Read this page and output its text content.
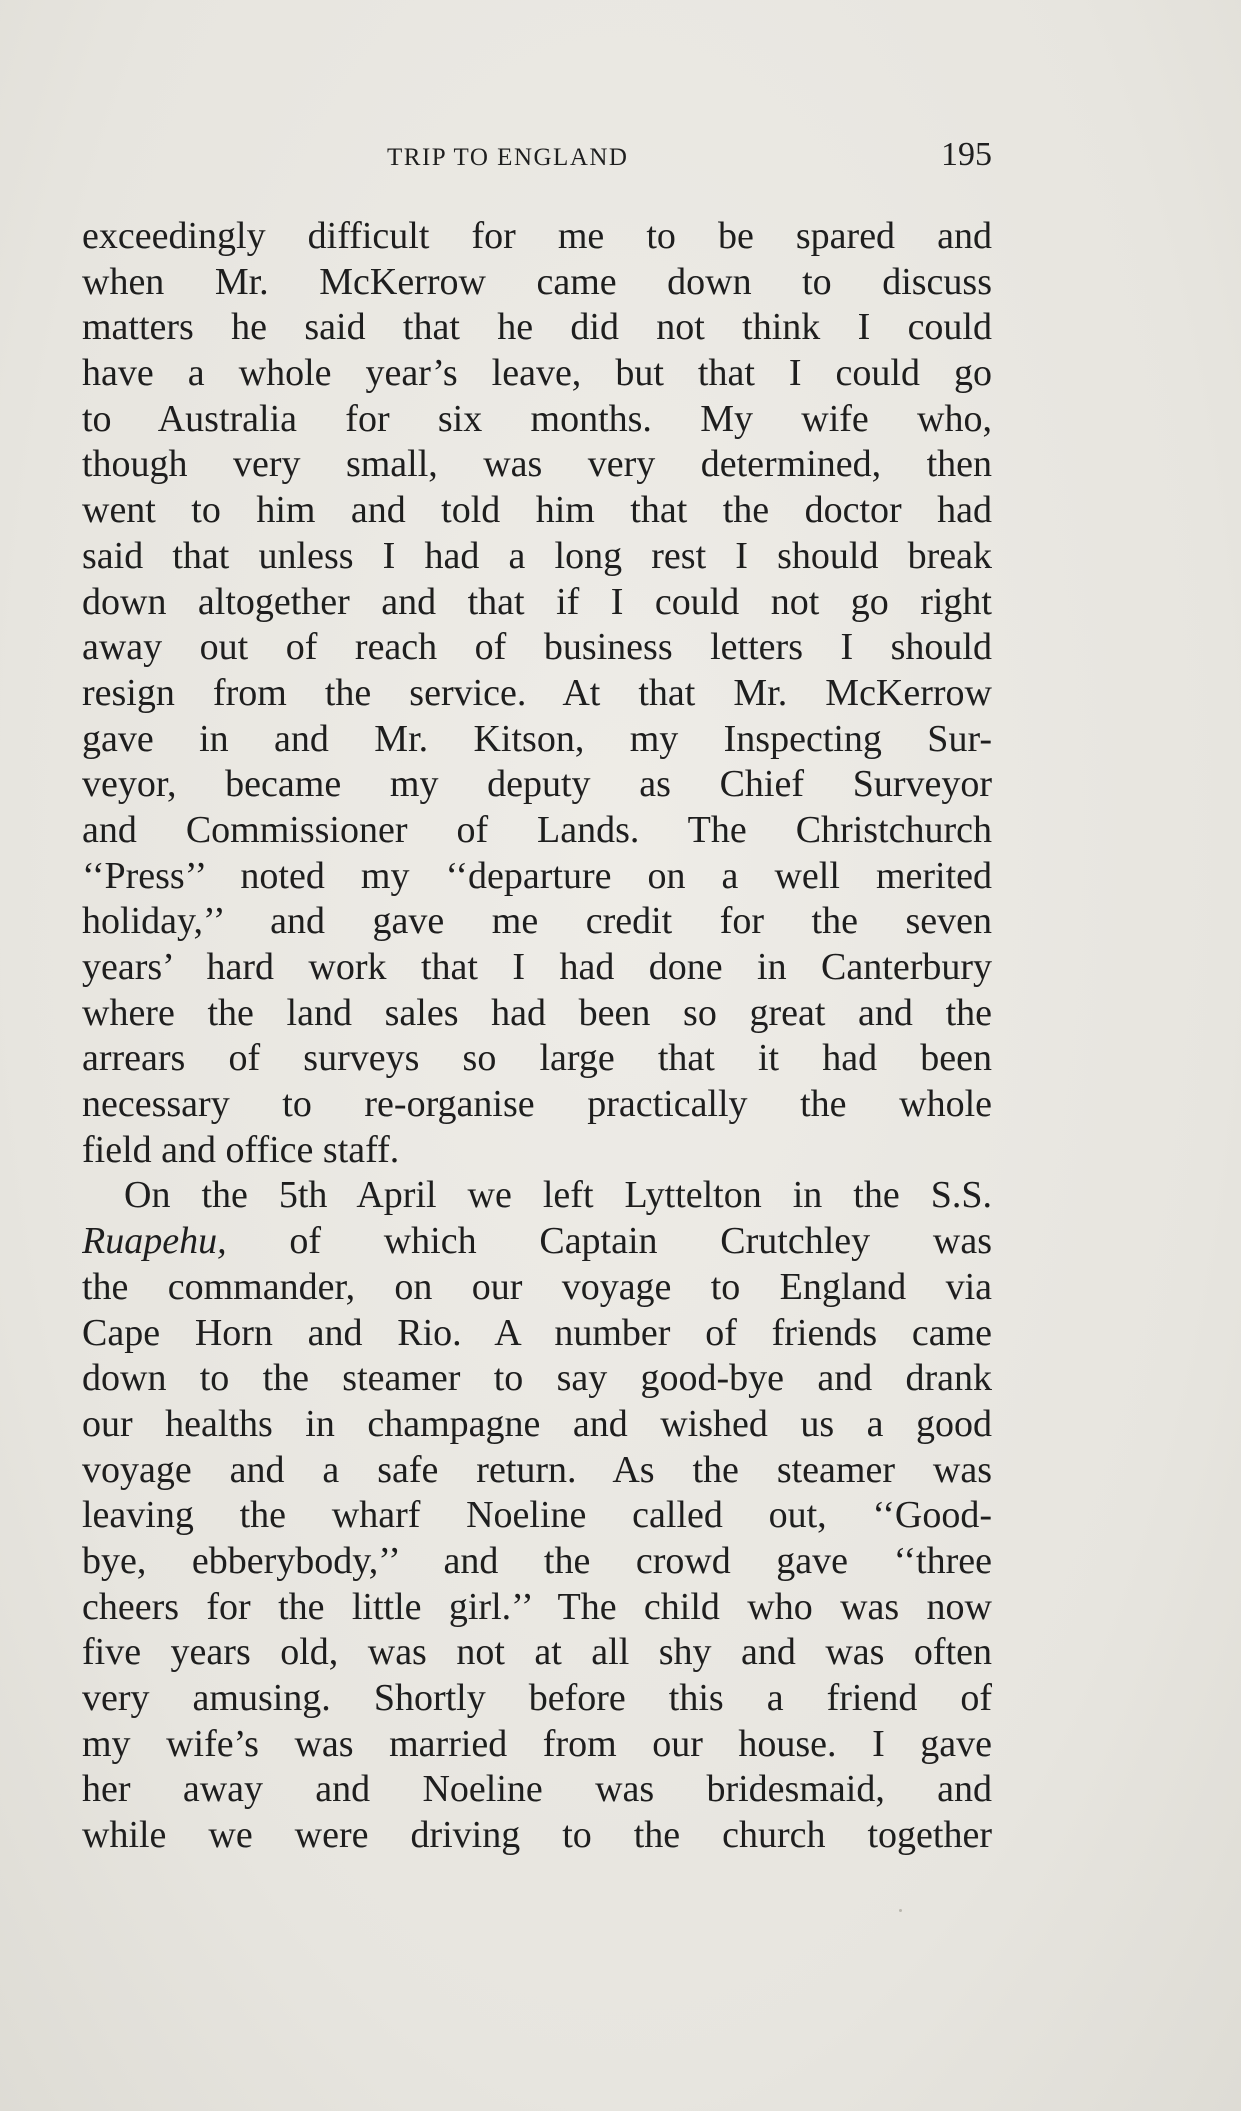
TRIP TO ENGLAND	195
exceedingly difficult for me to be spared and
when Mr. McKerrow came down to discuss
matters he said that he did not think I could
have a whole year’s leave, but that I could go
to Australia for six months. My wife who,
though very small, was very determined, then
went to him and told him that the doctor had
said that unless I had a long rest I should break
down altogether and that if I could not go right
away out of reach of business letters I should
resign from the service. At that Mr. McKerrow
gave in and Mr. Kitson, my Inspecting Sur-
veyor, became my deputy as Chief Surveyor
and Commissioner of Lands. The Christchurch
‘‘Press’’ noted my ‘‘departure on a well merited
holiday,’’ and gave me credit for the seven
years’ hard work that I had done in Canterbury
where the land sales had been so great and the
arrears of surveys so large that it had been
necessary to re-organise practically the whole
field and office staff.
On the 5th April we left Lyttelton in the S.S.
Ruapehu, of which Captain Crutchley was
the commander, on our voyage to England via
Cape Horn and Rio. A number of friends came
down to the steamer to say good-bye and drank
our healths in champagne and wished us a good
voyage and a safe return. As the steamer was
leaving the wharf Noeline called out, ‘‘Good-
bye, ebberybody,’’ and the crowd gave ‘‘three
cheers for the little girl.’’ The child who was now
five years old, was not at all shy and was often
very amusing. Shortly before this a friend of
my wife’s was married from our house. I gave
her away and Noeline was bridesmaid, and
while we were driving to the church together
